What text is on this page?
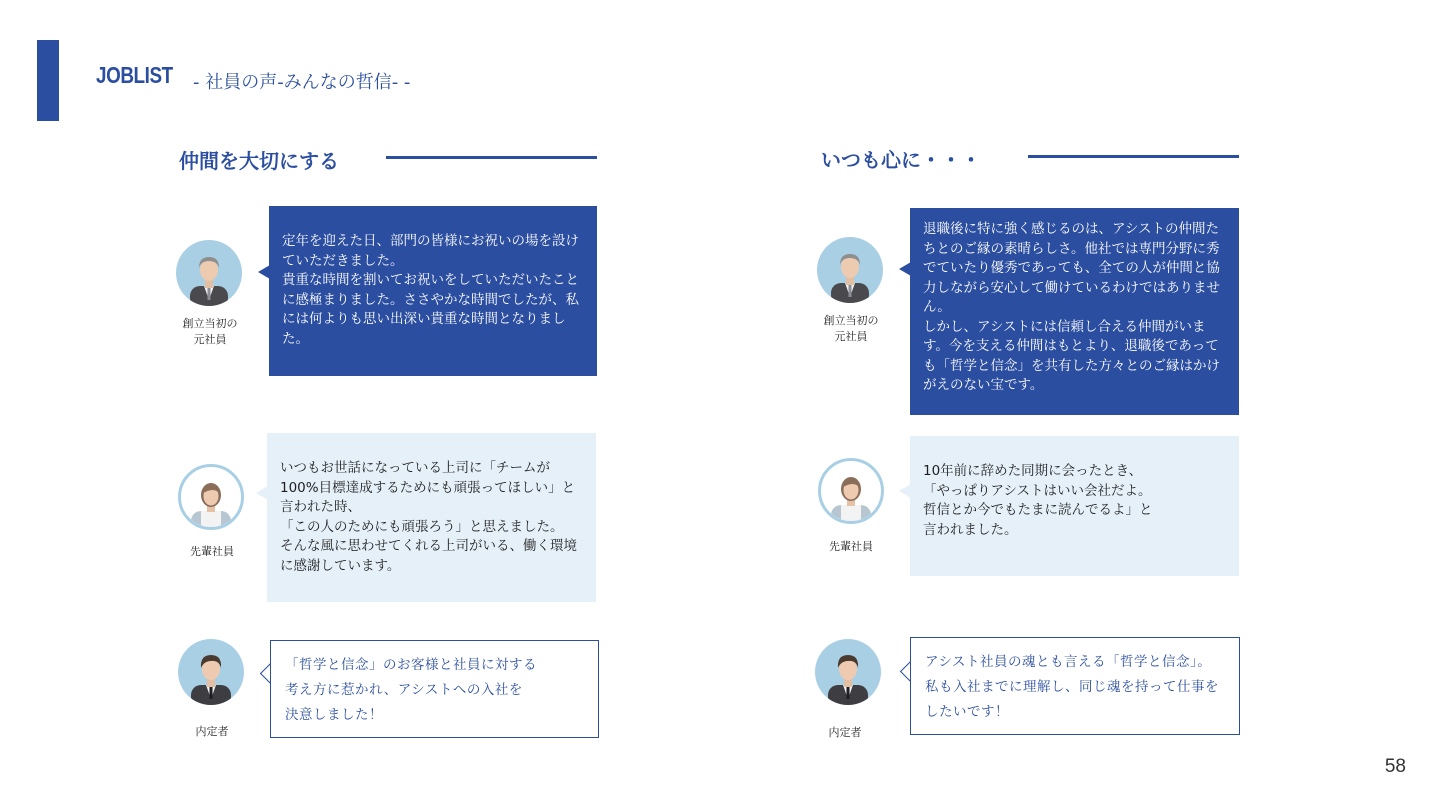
JOBLIST - 社員の声-みんなの哲信- -
仲間を大切にする
創立当初の
元社員
定年を迎えた日、部門の皆様にお祝いの場を設けていただきました。
貴重な時間を割いてお祝いをしていただいたことに感極まりました。ささやかな時間でしたが、私には何よりも思い出深い貴重な時間となりました。
先輩社員
いつもお世話になっている上司に「チームが100%目標達成するためにも頑張ってほしい」と言われた時、
「この人のためにも頑張ろう」と思えました。
そんな風に思わせてくれる上司がいる、働く環境に感謝しています。
内定者
「哲学と信念」のお客様と社員に対する
考え方に惹かれ、アシストへの入社を
決意しました！
いつも心に・・・
創立当初の
元社員
退職後に特に強く感じるのは、アシストの仲間たちとのご縁の素晴らしさ。他社では専門分野に秀でていたり優秀であっても、全ての人が仲間と協力しながら安心して働けているわけではありません。
しかし、アシストには信頼し合える仲間がいます。今を支える仲間はもとより、退職後であっても「哲学と信念」を共有した方々とのご縁はかけがえのない宝です。
先輩社員
10年前に辞めた同期に会ったとき、
「やっぱりアシストはいい会社だよ。
哲信とか今でもたまに読んでるよ」と
言われました。
内定者
アシスト社員の魂とも言える「哲学と信念」。
私も入社までに理解し、同じ魂を持って仕事を
したいです！
58
